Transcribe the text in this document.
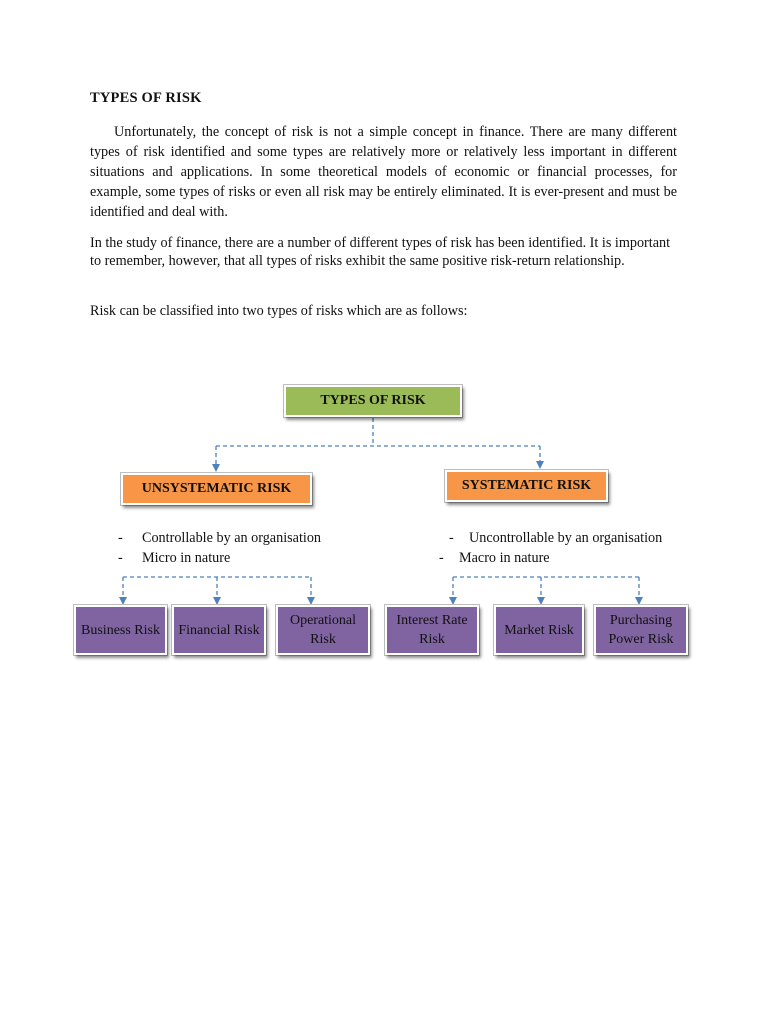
TYPES OF RISK

Unfortunately, the concept of risk is not a simple concept in finance. There are many different types of risk identified and some types are relatively more or relatively less important in different situations and applications. In some theoretical models of economic or financial processes, for example, some types of risks or even all risk may be entirely eliminated. It is ever-present and must be identified and deal with.

In the study of finance, there are a number of different types of risk has been identified. It is important to remember, however, that all types of risks exhibit the same positive risk-return relationship.

Risk can be classified into two types of risks which are as follows:

TYPES OF RISK
UNSYSTEMATIC RISK	SYSTEMATIC RISK
- Controllable by an organisation
- Micro in nature
- Uncontrollable by an organisation
- Macro in nature
Business Risk	Financial Risk
Operational Risk
Interest Rate Risk
Market Risk
Purchasing Power Risk
